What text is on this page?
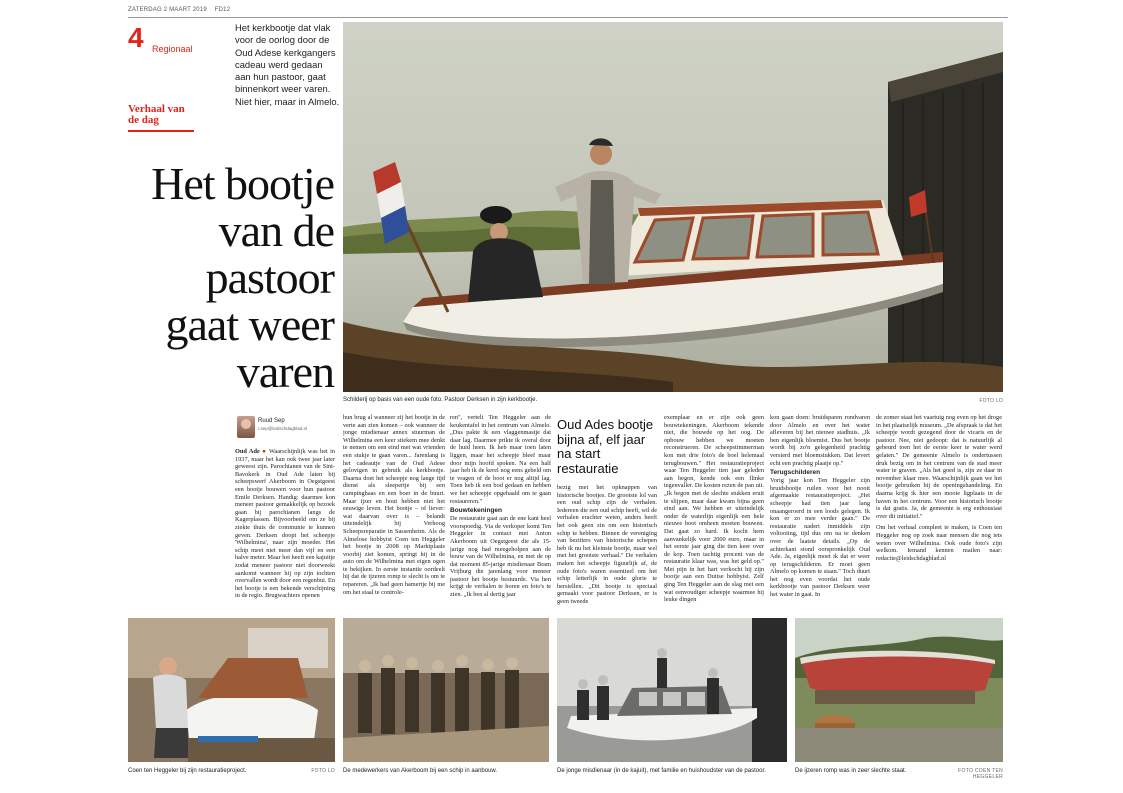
ZATERDAG 2 MAART 2019 FD12
4 Regionaal
Het kerkbootje dat vlak voor de oorlog door de Oud Adese kerkgangers cadeau werd gedaan aan hun pastoor, gaat binnenkort weer varen. Niet hier, maar in Almelo.
Verhaal van de dag
Het bootje van de pastoor gaat weer varen
Schilderij op basis van een oude foto. Pastoor Derksen in zijn kerkbootje.	FOTO LD
Ruud Sep
r.sep@leidschdagblad.nl

Oud Ade ● Waarschijnlijk was het in 1937, maar het kan ook twee jaar later geweest zijn. Parochianen van de Sint-Bavokerk in Oud Ade laten bij scheepswerf Akerboom in Oegstgeest een bootje bouwen voor hun pastoor Emile Derksen. Handig: daarmee kon meneer pastoor gemakkelijk op bezoek gaan bij parochianen langs de Kagerplassen. Bijvoorbeeld om ze bij ziekte thuis de communie te kunnen geven. Derksen doopt het scheepje 'Wilhelmina', naar zijn moeder. Het schip meet niet meer dan vijf en een halve meter. Maar het heeft een kajuitje zodat meneer pastoor niet doorweekt aankomt wanneer hij op zijn tochten overvallen wordt door een regenbui. En het bootje is een bekende verschijning in de regio. Brugwachters openen

hun brug al wanneer zij het bootje in de verte aan zien komen – ook wanneer de jonge misdienaar annex stuurman de Wilhelmina een keer stiekem mee denkt te nemen om een eind met wat vrienden een stukje te gaan varen... Jarenlang is het cadeautje van de Oud Adese gelovigen in gebruik als kerkbootje. Daarna doet het scheepje nog lange tijd dienst als sleepertje bij een campinghaas en een boer in de buurt. Maar ijzer en hout hebben niet het eeuwige leven. Het bootje – of liever: wat daarvan over is – belandt uiteindelijk bij Verhoog Scheepsreparatie in Sassenheim. Als de Almelose hobbyist Coen ten Heggeler het bootje in 2008 op Marktplaats voorbij ziet komen, springt hij in de auto om de Wilhelmina met eigen ogen te bekijken. In eerste instantie oordeelt hij dat de ijzeren romp te slecht is om te repareren. „Ik had geen hamertje bij me om het staal te controle-

ren", vertelt Ten Heggeler aan de keukentafel in het centrum van Almelo. „Dus pakte ik een vlaggenmastje dat daar lag. Daarmee prikte ik overal door de huid heen. Ik heb maar toen laten liggen, maar het scheepje bleef maar door mijn hoofd spoken. Na een half jaar heb ik de kerel nog eens gebeld om te vragen of de boot er nog altijd lag. Toen heb ik een bod gedaan en hebben we het scheepje opgehaald om te gaan restaureren."

Bouwtekeningen

De restauratie gaat aan de ene kant heel voorspoedig. Via de verkoper komt Ten Heggeler in contact met Anton Akerboom uit Oegstgeest die als 15-jarige nog had meegeholpen aan de bouw van de Wilhelmina, en met de op dat moment 85-jarige misdienaar Bram Vrijburg die jarenlang voor meneer pastoor het bootje bestuurde. Via hen krijgt de verhalen te horen en foto's te zien. „Ik ben al dertig jaar

Oud Ades bootje bijna af, elf jaar na start restauratie

bezig met het opknappen van historische bootjes. De grootste lol van een oud schip zijn de verhalen. Iedereen die een oud schip heeft, wil de verhalen erachter weten, anders heeft het ook geen zin om een historisch schip te hebben. Binnen de vereniging van bezitters van historische schepen heb ik nu het kleinste bootje, maar wel met het grootste verhaal." De verhalen maken het scheepje figuurlijk af, de oude foto's waren essentieel om het schip letterlijk in oude glorie te herstellen. „Dit bootje is speciaal gemaakt voor pastoor Derksen, er is geen tweede

exemplaar en er zijn ook geen bouwtekeningen. Akerboom tekende niet, die bouwde op het oog. De opbouw hebben we moeten reconstrueren. De scheepstimmerman kon met drie foto's de boel helemaal terugbouwen." Het restauratieproject waar Ten Heggeler tien jaar geleden aan begon, kende ook een flinke tegenvaller. De kosten rezen de pan uit. „Ik begon met de slechte stukken eruit te slijpen, maar daar kwam bijna geen eind aan. We hebben er uiteindelijk onder de waterlijn eigenlijk een hele nieuwe boot omheen moeten bouwen. Dat gaat zo hard. Ik kocht hem aanvankelijk voor 2000 euro, maar in het eerste jaar ging die tien keer over de kop. Toen tachtig procent van de restauratie klaar was, was het geld op." Met pijn in het hart verkocht hij zijn bootje aan een Duitse hobbyist. Zelf ging Ten Heggeler aan de slag met een wat eenvoudiger scheepje waarmee hij leuke dingen

kon gaan doen: bruidsparen rondvaren door Almelo en over het water afleveren bij het nieuwe stadhuis. „Ik ben eigenlijk bloemist. Dus het bootje wordt bij zo'n gelegenheid prachtig versierd met bloemstukken. Dat levert echt een prachtig plaatje op."

Terugschilderen

Vorig jaar kon Ten Heggeler zijn bruidsbootje ruilen voor het nooit afgemaakte restauratieproject. „Het scheepje had tien jaar lang onaangeroerd in een loods gelegen. Ik kon er zo mee verder gaan." De restauratie nadert inmiddels zijn voltooiing, tijd dus om na te denken over de laatste details. „Op de achterkant stond oorspronkelijk Oud Ade. Ja, eigenlijk moet ik dat er weer op terugschilderen. Er moet geen Almelo op komen te staan." Toch duurt het nog even voordat het oude kerkbootje van pastoor Derksen weer het water in gaat. In

de zomer staat het vaartuig nog even op het droge in het plaatselijk museum. „De afspraak is dat het scheepje wordt gezegend door de vicaris en de pastoor. Nee, niet gedoopt: dat is natuurlijk al gebeurd toen het de eerste keer te water werd gelaten." De gemeente Almelo is ondertussen druk bezig om in het centrum van de stad meer water te graven. „Als het goed is, zijn ze daar in november klaar mee. Waarschijnlijk gaan we het bootje gebruiken bij de openingshandeling. En daarna krijg ik hier een mooie ligplaats in de haven in het centrum. Voor een historisch bootje is dat gratis. Ja, de gemeente is erg enthousiast over dit initiatief."

Om het verhaal compleet te maken, is Coen ten Heggeler nog op zoek naar mensen die nog iets weten over Wilhelmina. Ook oude foto's zijn welkom. Iemand kennen mailen naar: redactie@leidschdagblad.nl

Coen ten Heggeler bij zijn restauratieproject.	FOTO LD De medewerkers van Akerboom bij een schip in aanbouw.	De jonge misdienaar (in de kajuit), met familie en huishoudster van de pastoor.	De ijzeren romp was in zeer slechte staat.	FOTO COEN TEN HEGGELER
